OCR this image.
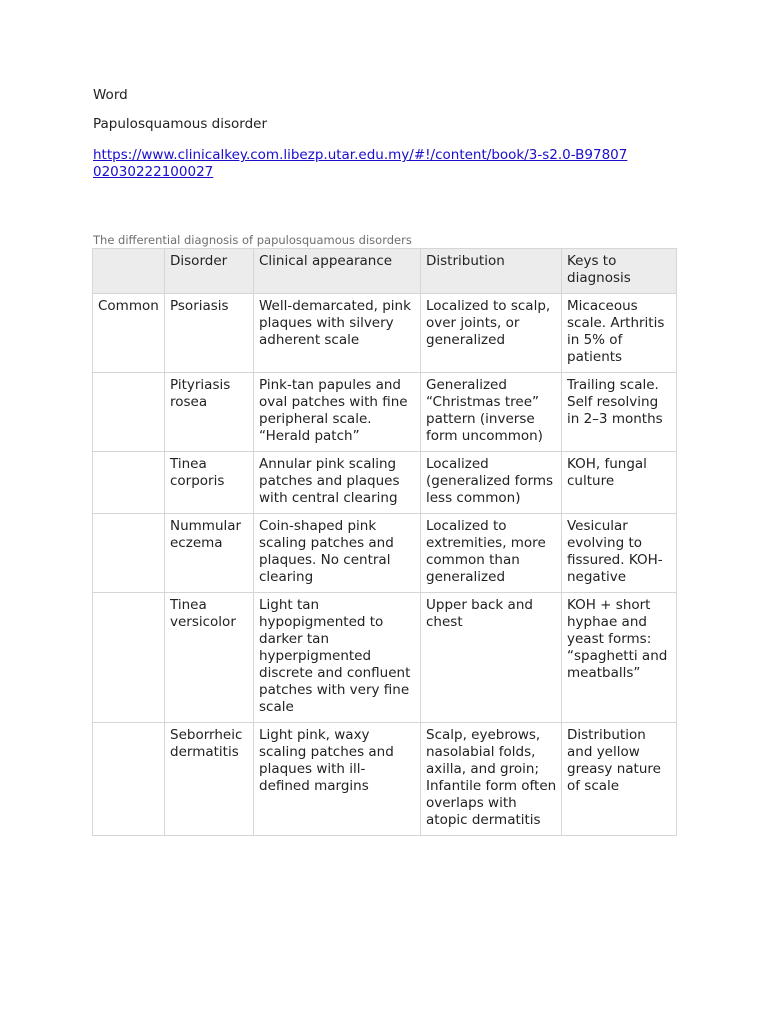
Word

Papulosquamous disorder

https://www.clinicalkey.com.libezp.utar.edu.my/#!/content/book/3-s2.0-B9780702030222100027
The differential diagnosis of papulosquamous disorders
	Disorder	Clinical appearance	Distribution	Keys to diagnosis
Common	Psoriasis	Well-demarcated, pink plaques with silvery adherent scale	Localized to scalp, over joints, or generalized	Micaceous scale. Arthritis in 5% of patients
	Pityriasis rosea	Pink-tan papules and oval patches with fine peripheral scale. “Herald patch”	Generalized “Christmas tree” pattern (inverse form uncommon)	Trailing scale. Self resolving in 2–3 months
	Tinea corporis	Annular pink scaling patches and plaques with central clearing	Localized (generalized forms less common)	KOH, fungal culture
	Nummular eczema	Coin-shaped pink scaling patches and plaques. No central clearing	Localized to extremities, more common than generalized	Vesicular evolving to fissured. KOH-negative
	Tinea versicolor	Light tan hypopigmented to darker tan hyperpigmented discrete and confluent patches with very fine scale	Upper back and chest	KOH + short hyphae and yeast forms: “spaghetti and meatballs”
	Seborrheic dermatitis	Light pink, waxy scaling patches and plaques with ill-defined margins	Scalp, eyebrows, nasolabial folds, axilla, and groin; Infantile form often overlaps with atopic dermatitis	Distribution and yellow greasy nature of scale
